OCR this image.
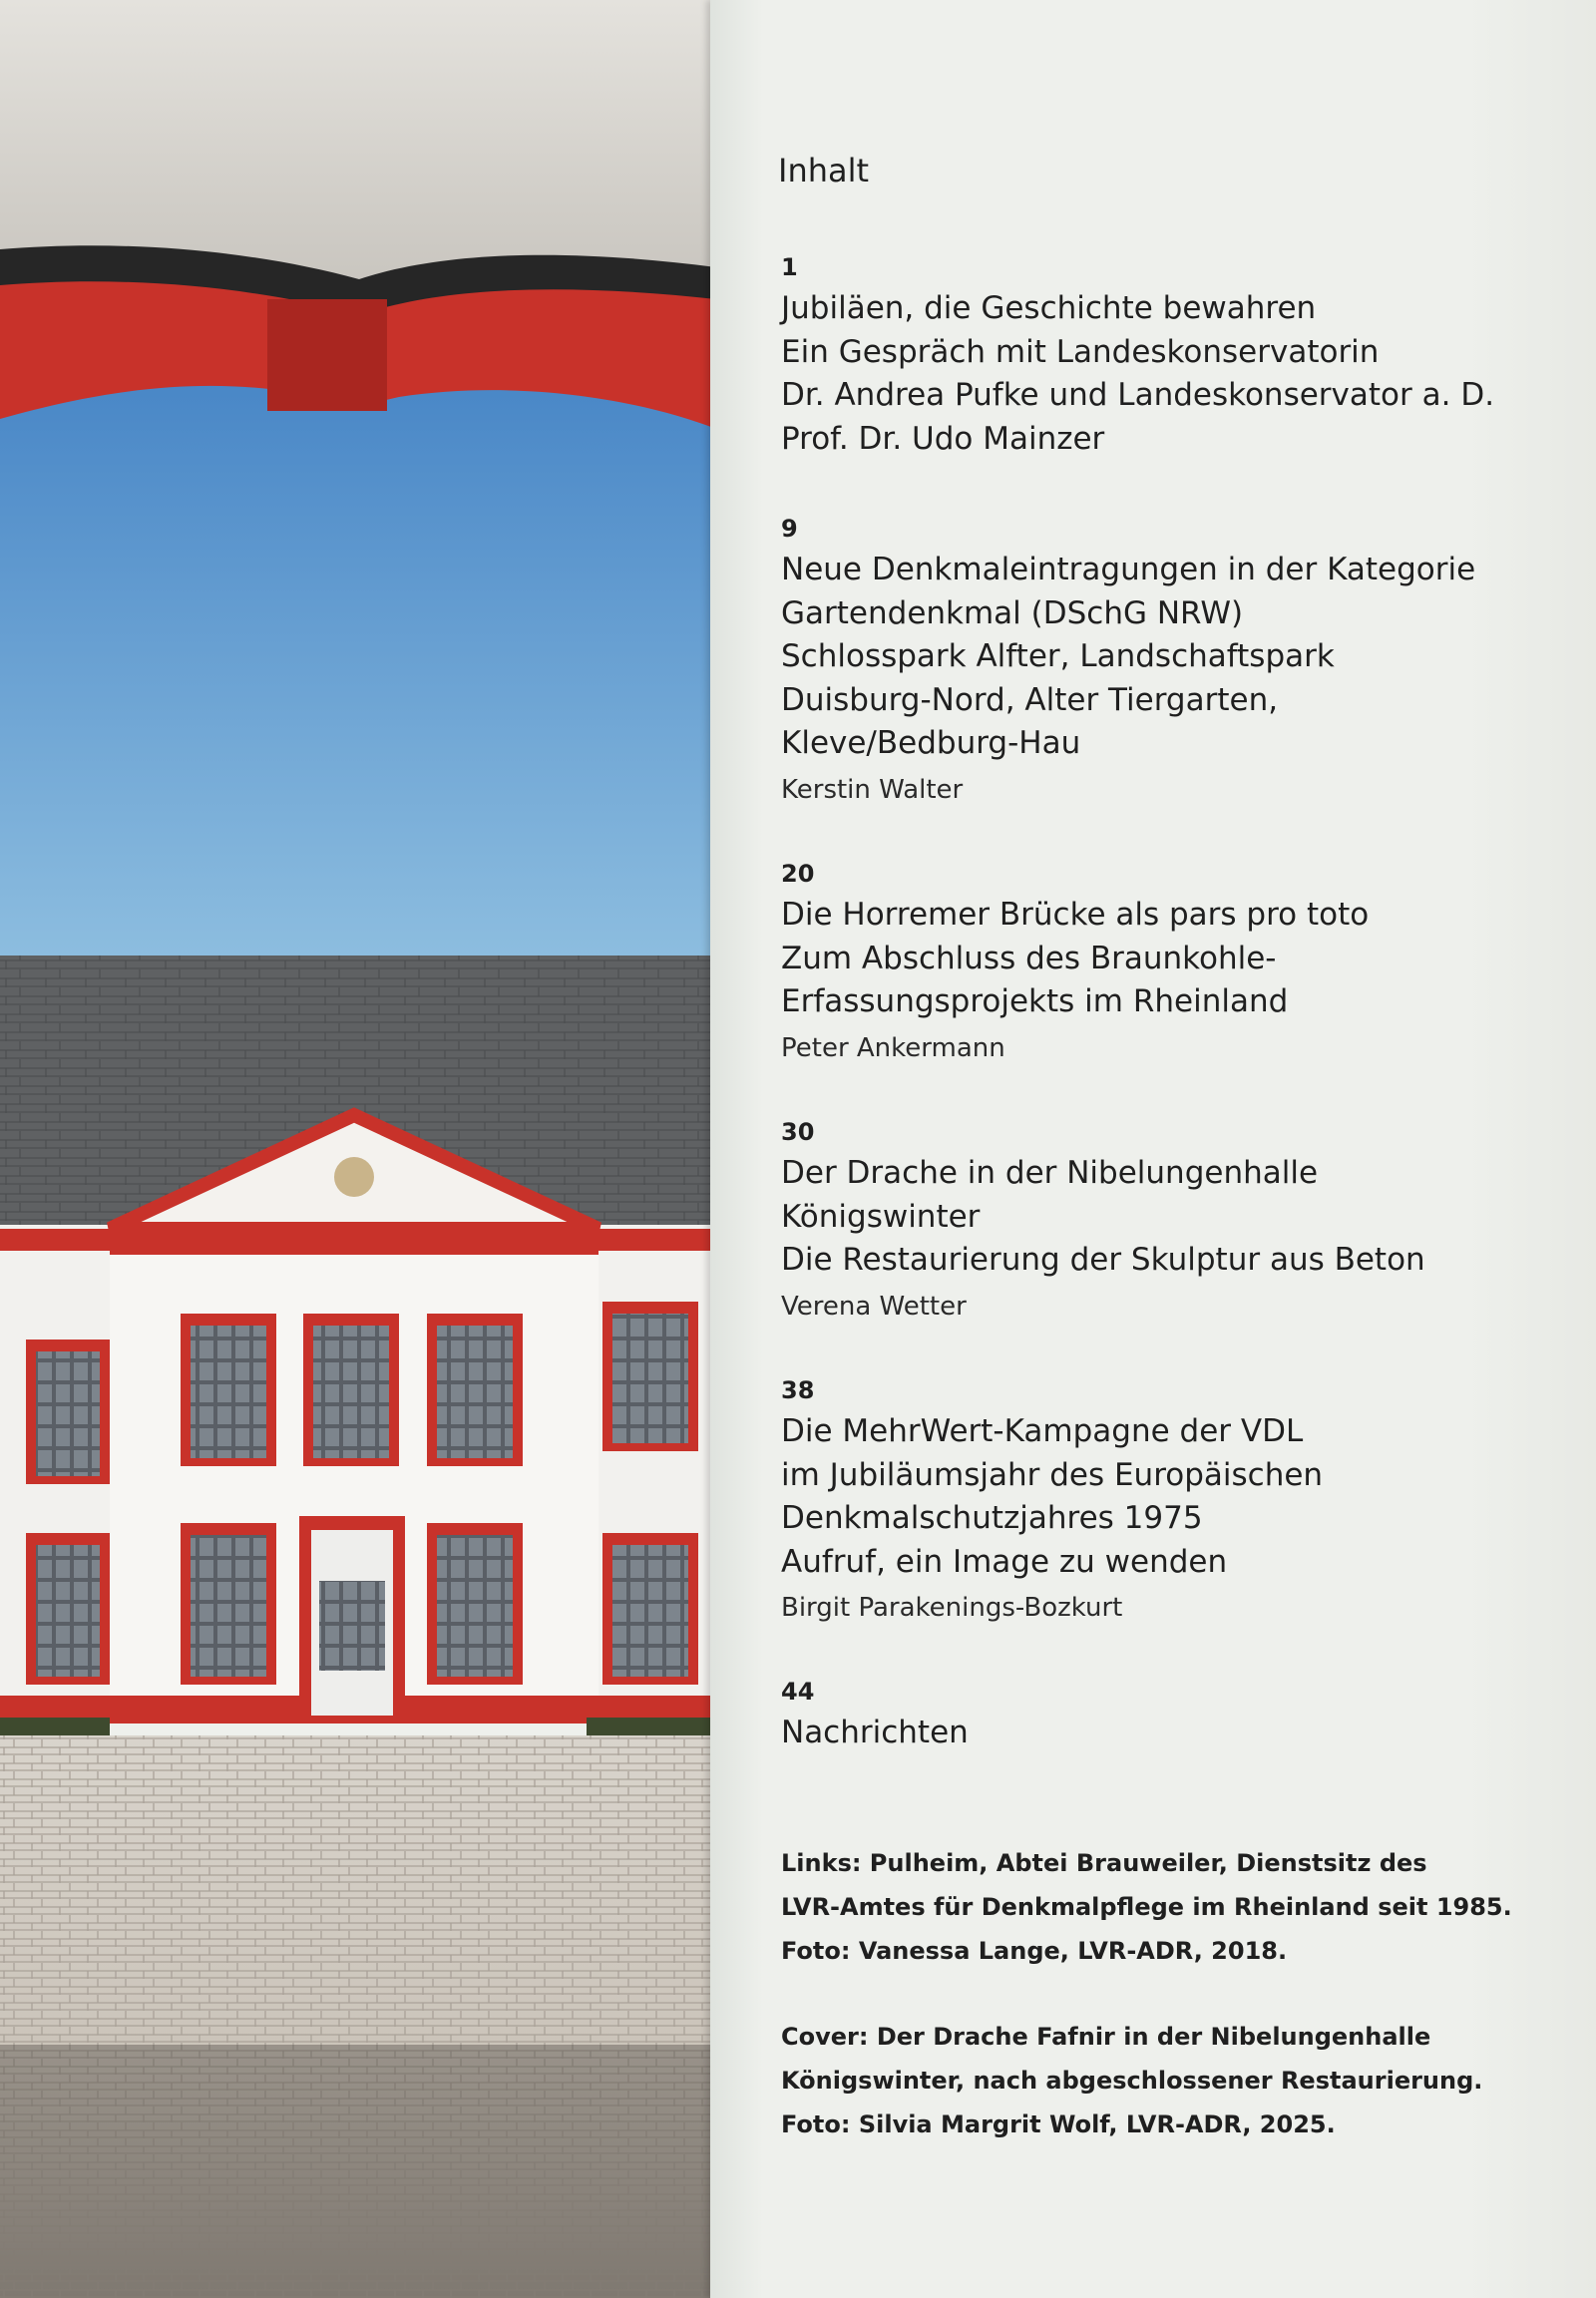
Inhalt
1
Jubiläen, die Geschichte bewahren
Ein Gespräch mit Landeskonservatorin
Dr. Andrea Pufke und Landeskonservator a. D.
Prof. Dr. Udo Mainzer
9
Neue Denkmaleintragungen in der Kategorie
Gartendenkmal (DSchG NRW)
Schlosspark Alfter, Landschaftspark
Duisburg-Nord, Alter Tiergarten,
Kleve/Bedburg-Hau
Kerstin Walter
20
Die Horremer Brücke als pars pro toto
Zum Abschluss des Braunkohle-
Erfassungsprojekts im Rheinland
Peter Ankermann
30
Der Drache in der Nibelungenhalle
Königswinter
Die Restaurierung der Skulptur aus Beton
Verena Wetter
38
Die MehrWert-Kampagne der VDL
im Jubiläumsjahr des Europäischen
Denkmalschutzjahres 1975
Aufruf, ein Image zu wenden
Birgit Parakenings-Bozkurt
44
Nachrichten
Links: Pulheim, Abtei Brauweiler, Dienstsitz des
LVR-Amtes für Denkmalpflege im Rheinland seit 1985.
Foto: Vanessa Lange, LVR-ADR, 2018.
Cover: Der Drache Fafnir in der Nibelungenhalle
Königswinter, nach abgeschlossener Restaurierung.
Foto: Silvia Margrit Wolf, LVR-ADR, 2025.
